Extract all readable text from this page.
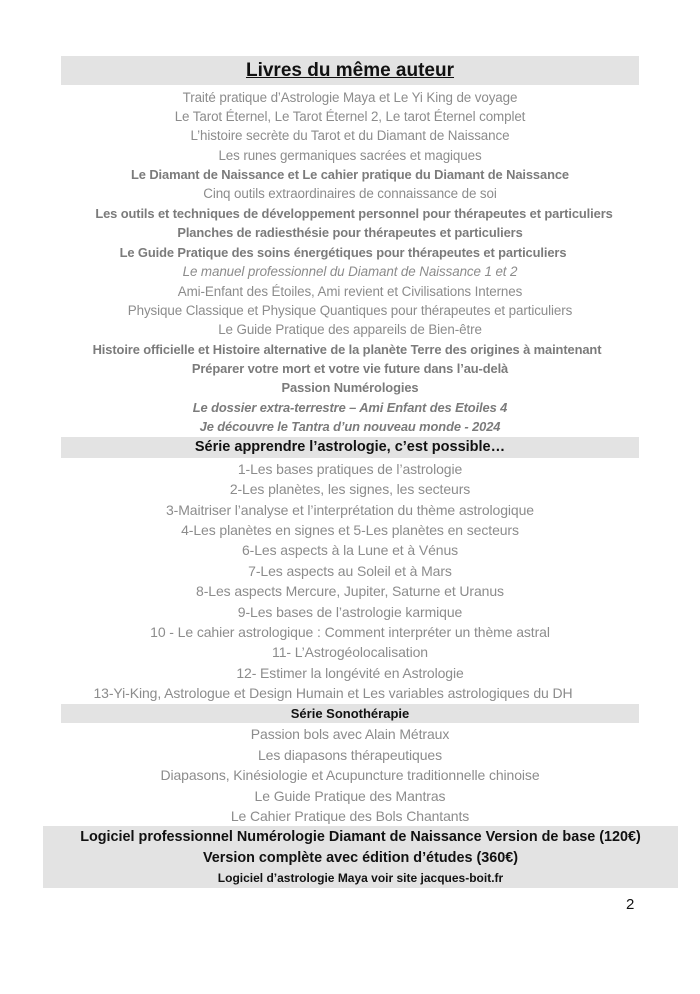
Livres du même auteur
Traité pratique d’Astrologie Maya et Le Yi King de voyage
Le Tarot Éternel, Le Tarot Éternel 2, Le tarot Éternel complet
L’histoire secrète du Tarot et du Diamant de Naissance
Les runes germaniques sacrées et magiques
Le Diamant de Naissance et Le cahier pratique du Diamant de Naissance
Cinq outils extraordinaires de connaissance de soi
Les outils et techniques de développement personnel pour thérapeutes et particuliers
Planches de radiesthésie pour thérapeutes et particuliers
Le Guide Pratique des soins énergétiques pour thérapeutes et particuliers
Le manuel professionnel du Diamant de Naissance 1 et 2
Ami-Enfant des Étoiles, Ami revient et Civilisations Internes
Physique Classique et Physique Quantiques pour thérapeutes et particuliers
Le Guide Pratique des appareils de Bien-être
Histoire officielle et Histoire alternative de la planète Terre des origines à maintenant
Préparer votre mort et votre vie future dans l’au-delà
Passion Numérologies
Le dossier extra-terrestre – Ami Enfant des Etoiles 4
Je découvre le Tantra d’un nouveau monde - 2024
Série apprendre l’astrologie, c’est possible…
1-Les bases pratiques de l’astrologie
2-Les planètes, les signes, les secteurs
3-Maitriser l’analyse et l’interprétation du thème astrologique
4-Les planètes en signes et 5-Les planètes en secteurs
6-Les aspects à la Lune et à Vénus
7-Les aspects au Soleil et à Mars
8-Les aspects Mercure, Jupiter, Saturne et Uranus
9-Les bases de l’astrologie karmique
10 - Le cahier astrologique : Comment interpréter un thème astral
11- L’Astrogéolocalisation
12- Estimer la longévité en Astrologie
13-Yi-King, Astrologue et Design Humain et Les variables astrologiques du DH
Série Sonothérapie
Passion bols avec Alain Métraux
Les diapasons thérapeutiques
Diapasons, Kinésiologie et Acupuncture traditionnelle chinoise
Le Guide Pratique des Mantras
Le Cahier Pratique des Bols Chantants
Logiciel professionnel Numérologie Diamant de Naissance Version de base (120€)
Version complète avec édition d’études (360€)
Logiciel d’astrologie Maya voir site jacques-boit.fr
2
